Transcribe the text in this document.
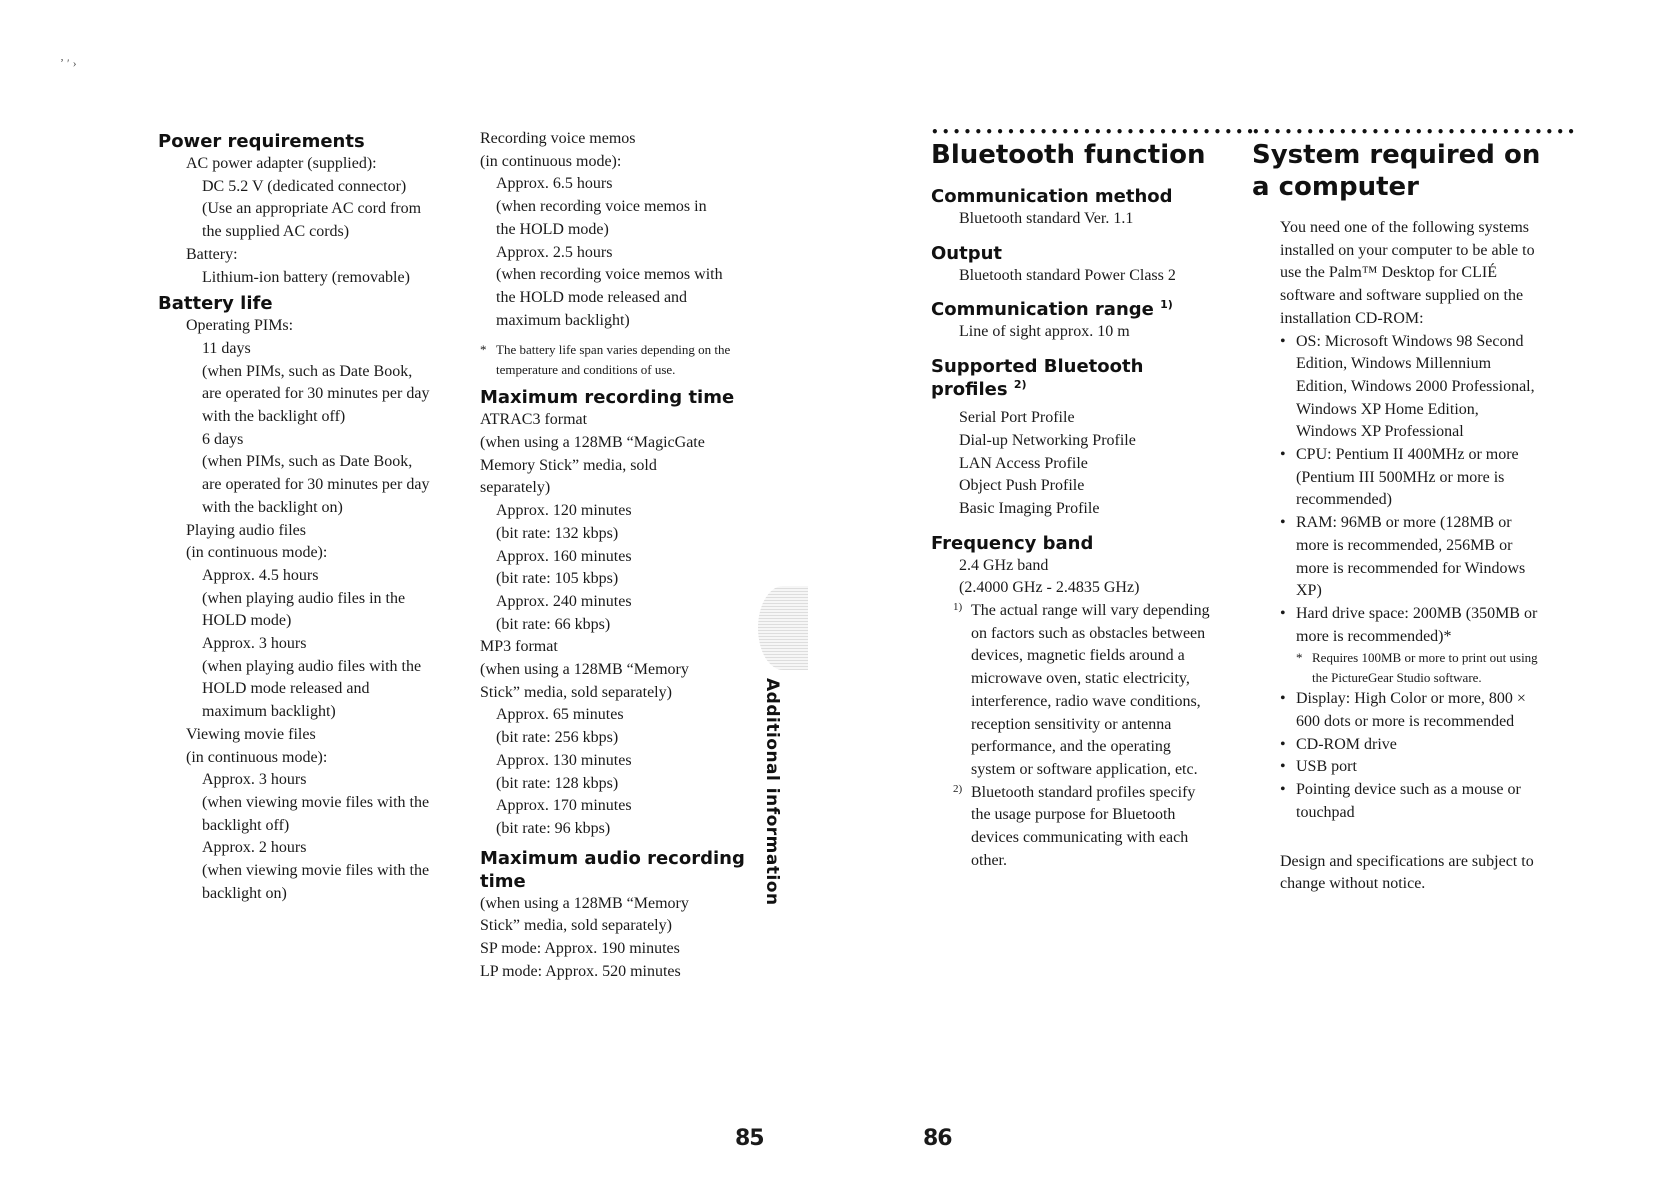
ʼ ′ ›
Power requirements
AC power adapter (supplied):
DC 5.2 V (dedicated connector)
(Use an appropriate AC cord from
the supplied AC cords)
Battery:
Lithium-ion battery (removable)
Battery life
Operating PIMs:
11 days
(when PIMs, such as Date Book,
are operated for 30 minutes per day
with the backlight off)
6 days
(when PIMs, such as Date Book,
are operated for 30 minutes per day
with the backlight on)
Playing audio files
(in continuous mode):
Approx. 4.5 hours
(when playing audio files in the
HOLD mode)
Approx. 3 hours
(when playing audio files with the
HOLD mode released and
maximum backlight)
Viewing movie files
(in continuous mode):
Approx. 3 hours
(when viewing movie files with the
backlight off)
Approx. 2 hours
(when viewing movie files with the
backlight on)
Recording voice memos
(in continuous mode):
Approx. 6.5 hours
(when recording voice memos in
the HOLD mode)
Approx. 2.5 hours
(when recording voice memos with
the HOLD mode released and
maximum backlight)
* The battery life span varies depending on the temperature and conditions of use.
Maximum recording time
ATRAC3 format
(when using a 128MB “MagicGate
Memory Stick” media, sold
separately)
Approx. 120 minutes
(bit rate: 132 kbps)
Approx. 160 minutes
(bit rate: 105 kbps)
Approx. 240 minutes
(bit rate: 66 kbps)
MP3 format
(when using a 128MB “Memory
Stick” media, sold separately)
Approx. 65 minutes
(bit rate: 256 kbps)
Approx. 130 minutes
(bit rate: 128 kbps)
Approx. 170 minutes
(bit rate: 96 kbps)
Maximum audio recording time
(when using a 128MB “Memory
Stick” media, sold separately)
SP mode: Approx. 190 minutes
LP mode: Approx. 520 minutes
Additional information
85
••••••••••••••••••••••••••••••
Bluetooth function
Communication method
Bluetooth standard Ver. 1.1
Output
Bluetooth standard Power Class 2
Communication range $^{1)}$
Line of sight approx. 10 m
Supported Bluetooth profiles $^{2)}$
Serial Port Profile
Dial-up Networking Profile
LAN Access Profile
Object Push Profile
Basic Imaging Profile
Frequency band
2.4 GHz band
(2.4000 GHz - 2.4835 GHz)
1) The actual range will vary depending on factors such as obstacles between devices, magnetic fields around a microwave oven, static electricity, interference, radio wave conditions, reception sensitivity or antenna performance, and the operating system or software application, etc.
2) Bluetooth standard profiles specify the usage purpose for Bluetooth devices communicating with each other.
••••••••••••••••••••••••••••••
System required on a computer
You need one of the following systems installed on your computer to be able to use the Palm™ Desktop for CLIÉ software and software supplied on the installation CD-ROM:
• OS: Microsoft Windows 98 Second Edition, Windows Millennium Edition, Windows 2000 Professional, Windows XP Home Edition, Windows XP Professional
• CPU: Pentium II 400MHz or more (Pentium III 500MHz or more is recommended)
• RAM: 96MB or more (128MB or more is recommended, 256MB or more is recommended for Windows XP)
• Hard drive space: 200MB (350MB or more is recommended)*
* Requires 100MB or more to print out using the PictureGear Studio software.
• Display: High Color or more, 800 × 600 dots or more is recommended
• CD-ROM drive
• USB port
• Pointing device such as a mouse or touchpad
Design and specifications are subject to change without notice.
86
